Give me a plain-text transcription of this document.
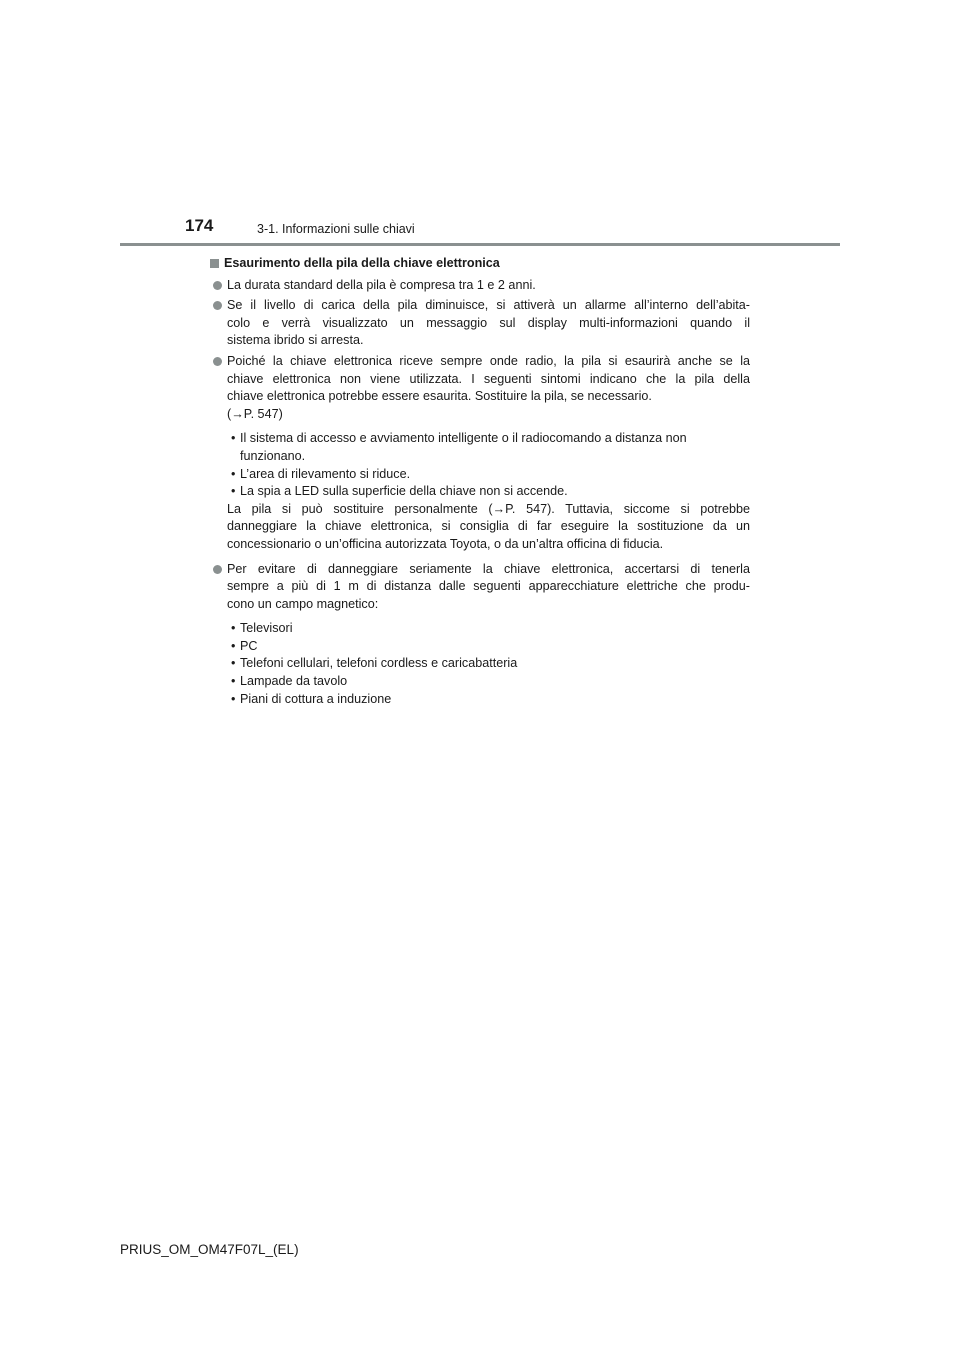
174	3-1. Informazioni sulle chiavi
Esaurimento della pila della chiave elettronica
La durata standard della pila è compresa tra 1 e 2 anni.
Se il livello di carica della pila diminuisce, si attiverà un allarme all’interno dell’abita-
colo e verrà visualizzato un messaggio sul display multi-informazioni quando il
sistema ibrido si arresta.
Poiché la chiave elettronica riceve sempre onde radio, la pila si esaurirà anche se la
chiave elettronica non viene utilizzata. I seguenti sintomi indicano che la pila della
chiave elettronica potrebbe essere esaurita. Sostituire la pila, se necessario.
(→P. 547)
• Il sistema di accesso e avviamento intelligente o il radiocomando a distanza non
funzionano.
• L’area di rilevamento si riduce.
• La spia a LED sulla superficie della chiave non si accende.
La pila si può sostituire personalmente (→P. 547). Tuttavia, siccome si potrebbe
danneggiare la chiave elettronica, si consiglia di far eseguire la sostituzione da un
concessionario o un’officina autorizzata Toyota, o da un’altra officina di fiducia.
Per evitare di danneggiare seriamente la chiave elettronica, accertarsi di tenerla
sempre a più di 1 m di distanza dalle seguenti apparecchiature elettriche che produ-
cono un campo magnetico:
• Televisori
• PC
• Telefoni cellulari, telefoni cordless e caricabatteria
• Lampade da tavolo
• Piani di cottura a induzione
PRIUS_OM_OM47F07L_(EL)
